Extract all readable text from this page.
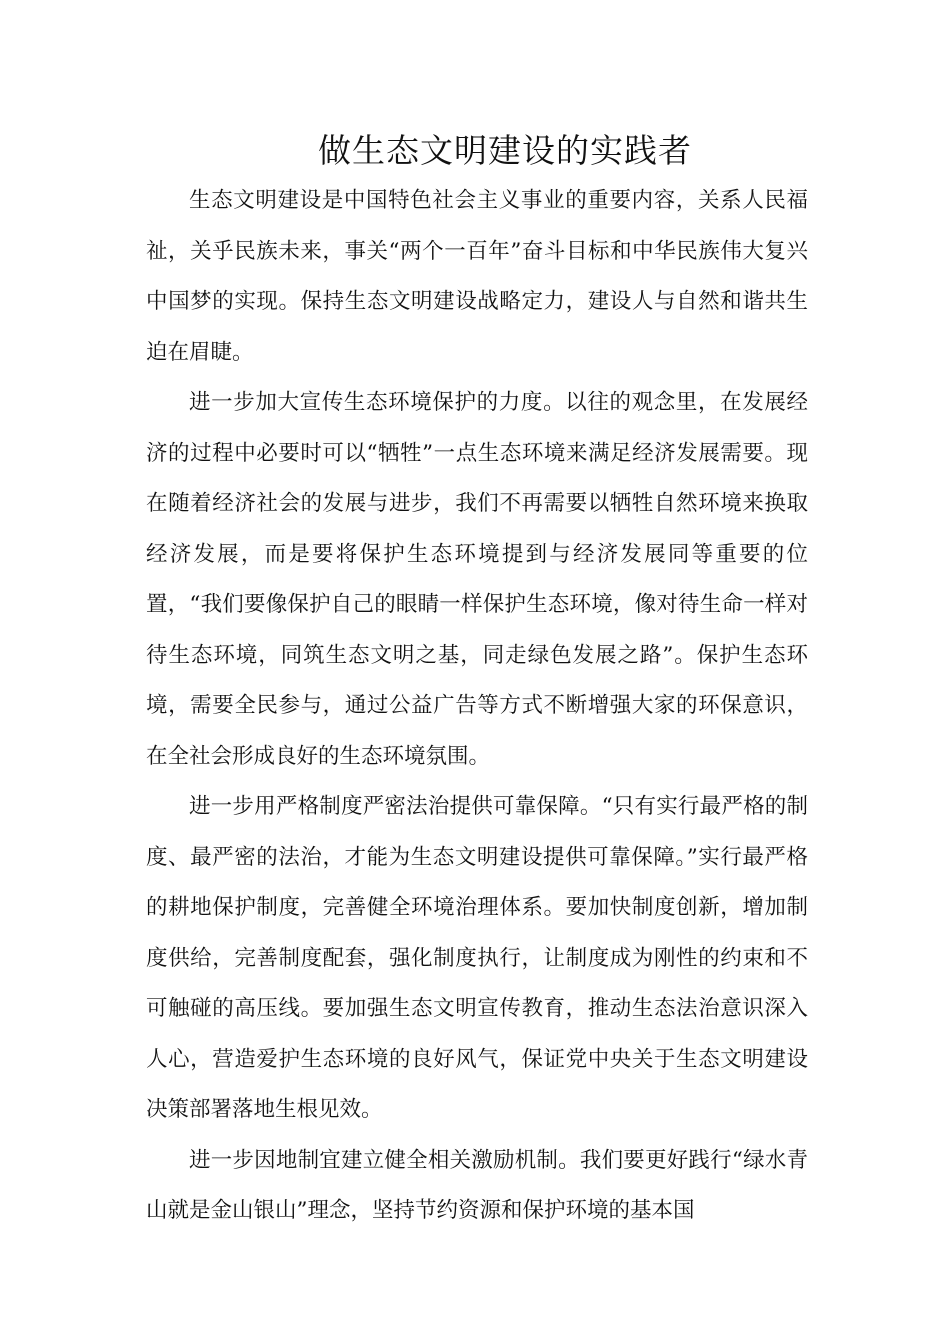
做生态文明建设的实践者

生态文明建设是中国特色社会主义事业的重要内容，关系人民福祉，关乎民族未来，事关“两个一百年”奋斗目标和中华民族伟大复兴中国梦的实现。保持生态文明建设战略定力，建设人与自然和谐共生迫在眉睫。

进一步加大宣传生态环境保护的力度。以往的观念里，在发展经济的过程中必要时可以“牺牲”一点生态环境来满足经济发展需要。现在随着经济社会的发展与进步，我们不再需要以牺牲自然环境来换取经济发展，而是要将保护生态环境提到与经济发展同等重要的位置，“我们要像保护自己的眼睛一样保护生态环境，像对待生命一样对待生态环境，同筑生态文明之基，同走绿色发展之路”。保护生态环境，需要全民参与，通过公益广告等方式不断增强大家的环保意识，在全社会形成良好的生态环境氛围。

进一步用严格制度严密法治提供可靠保障。“只有实行最严格的制度、最严密的法治，才能为生态文明建设提供可靠保障。”实行最严格的耕地保护制度，完善健全环境治理体系。要加快制度创新，增加制度供给，完善制度配套，强化制度执行，让制度成为刚性的约束和不可触碰的高压线。要加强生态文明宣传教育，推动生态法治意识深入人心，营造爱护生态环境的良好风气，保证党中央关于生态文明建设决策部署落地生根见效。

进一步因地制宜建立健全相关激励机制。我们要更好践行“绿水青山就是金山银山”理念，坚持节约资源和保护环境的基本国
